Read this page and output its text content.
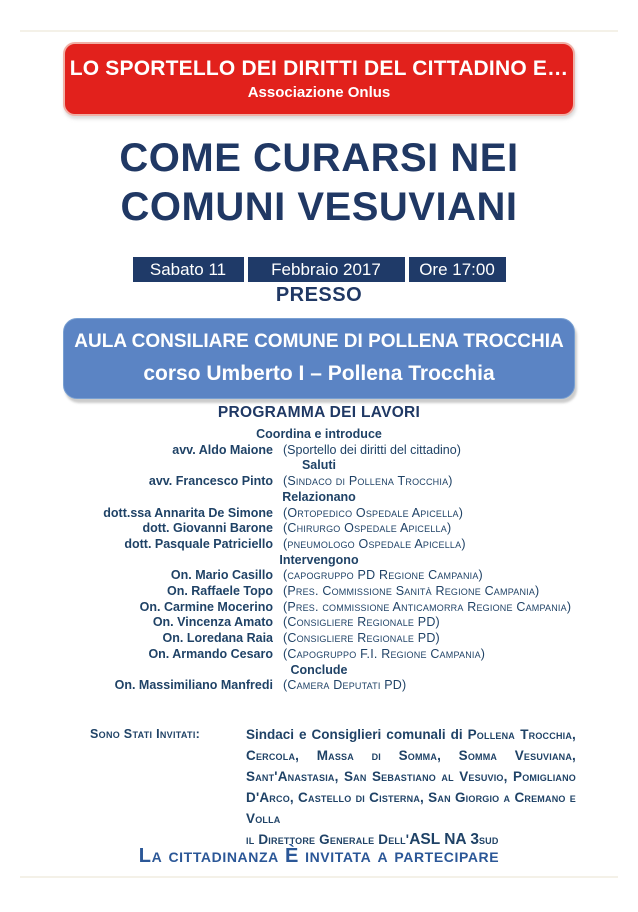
LO SPORTELLO DEI DIRITTI DEL CITTADINO E…
Associazione Onlus
COME CURARSI NEI
COMUNI VESUVIANI
Sabato 11	Febbraio 2017	Ore 17:00
PRESSO
AULA CONSILIARE COMUNE DI POLLENA TROCCHIA
corso Umberto I – Pollena Trocchia
PROGRAMMA DEI LAVORI
Coordina e introduce
avv. Aldo Maione (Sportello dei diritti del cittadino)
Saluti
avv. Francesco Pinto (Sindaco di Pollena Trocchia)
Relazionano
dott.ssa Annarita De Simone (Ortopedico Ospedale Apicella)
dott. Giovanni Barone (Chirurgo Ospedale Apicella)
dott. Pasquale Patriciello (pneumologo Ospedale Apicella)
Intervengono
On. Mario Casillo (capogruppo PD Regione Campania)
On. Raffaele Topo (Pres. Commissione Sanità Regione Campania)
On. Carmine Mocerino (Pres. commissione Anticamorra Regione Campania)
On. Vincenza Amato (Consigliere Regionale PD)
On. Loredana Raia (Consigliere Regionale PD)
On. Armando Cesaro (Capogruppo F.I. Regione Campania)
Conclude
On. Massimiliano Manfredi (Camera Deputati PD)
Sono Stati Invitati:	Sindaci e Consiglieri comunali di Pollena Trocchia, Cercola, Massa di Somma, Somma Vesuviana, Sant'Anastasia, San Sebastiano al Vesuvio, Pomigliano D'Arco, Castello di Cisterna, San Giorgio a Cremano e Volla
il Direttore Generale Dell'ASL NA 3sud
La cittadinanza È invitata a partecipare
